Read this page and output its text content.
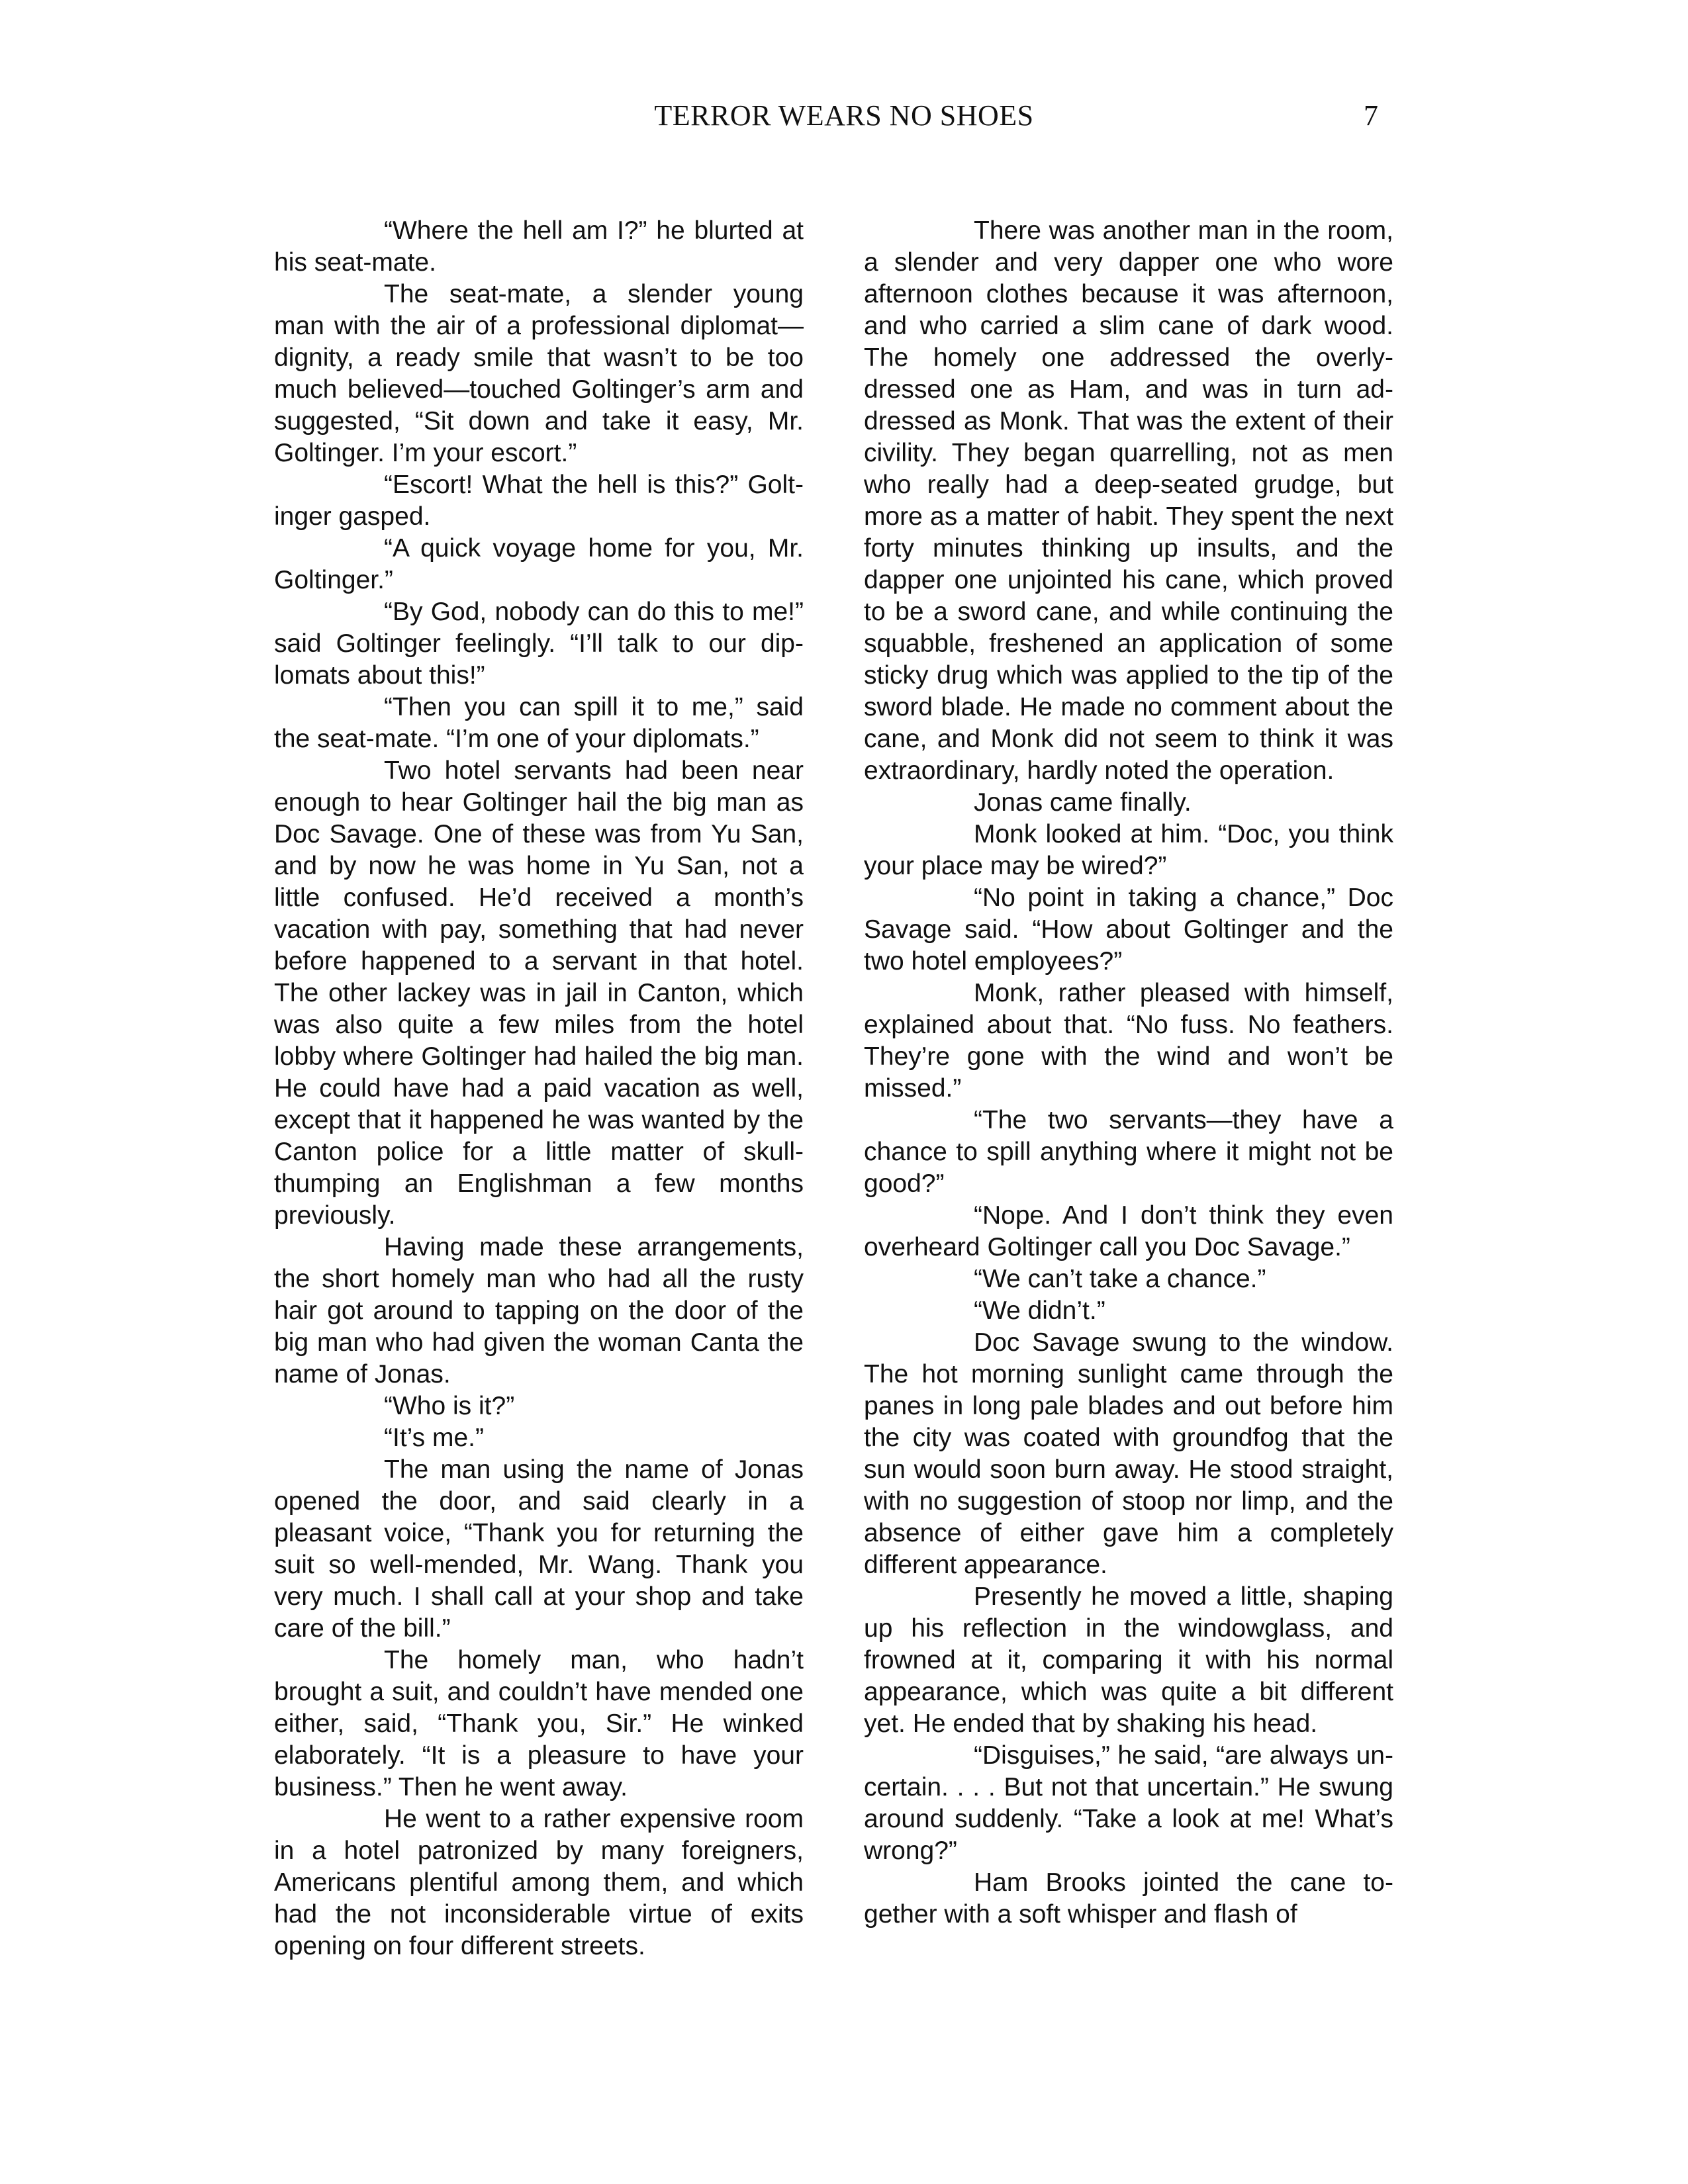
TERROR WEARS NO SHOES	7

“Where the hell am I?” he blurted at his seat-mate.

The seat-mate, a slender young man with the air of a professional diplomat—dignity, a ready smile that wasn’t to be too much believed—touched Goltinger’s arm and suggested, “Sit down and take it easy, Mr. Goltinger. I’m your escort.”

“Escort! What the hell is this?” Goltinger gasped.

“A quick voyage home for you, Mr. Goltinger.”

“By God, nobody can do this to me!” said Goltinger feelingly. “I’ll talk to our diplomats about this!”

“Then you can spill it to me,” said the seat-mate. “I’m one of your diplomats.”

Two hotel servants had been near enough to hear Goltinger hail the big man as Doc Savage. One of these was from Yu San, and by now he was home in Yu San, not a little confused. He’d received a month’s vacation with pay, something that had never before happened to a servant in that hotel. The other lackey was in jail in Canton, which was also quite a few miles from the hotel lobby where Goltinger had hailed the big man. He could have had a paid vacation as well, except that it happened he was wanted by the Canton police for a little matter of skull-thumping an Englishman a few months previously.

Having made these arrangements, the short homely man who had all the rusty hair got around to tapping on the door of the big man who had given the woman Canta the name of Jonas.

“Who is it?”

“It’s me.”

The man using the name of Jonas opened the door, and said clearly in a pleasant voice, “Thank you for returning the suit so well-mended, Mr. Wang. Thank you very much. I shall call at your shop and take care of the bill.”

The homely man, who hadn’t brought a suit, and couldn’t have mended one either, said, “Thank you, Sir.” He winked elaborately. “It is a pleasure to have your business.” Then he went away.

He went to a rather expensive room in a hotel patronized by many foreigners, Americans plentiful among them, and which had the not inconsiderable virtue of exits opening on four different streets.

There was another man in the room, a slender and very dapper one who wore afternoon clothes because it was afternoon, and who carried a slim cane of dark wood. The homely one addressed the overly-dressed one as Ham, and was in turn addressed as Monk. That was the extent of their civility. They began quarrelling, not as men who really had a deep-seated grudge, but more as a matter of habit. They spent the next forty minutes thinking up insults, and the dapper one unjointed his cane, which proved to be a sword cane, and while continuing the squabble, freshened an application of some sticky drug which was applied to the tip of the sword blade. He made no comment about the cane, and Monk did not seem to think it was extraordinary, hardly noted the operation.

Jonas came finally.

Monk looked at him. “Doc, you think your place may be wired?”

“No point in taking a chance,” Doc Savage said. “How about Goltinger and the two hotel employees?”

Monk, rather pleased with himself, explained about that. “No fuss. No feathers. They’re gone with the wind and won’t be missed.”

“The two servants—they have a chance to spill anything where it might not be good?”

“Nope. And I don’t think they even overheard Goltinger call you Doc Savage.”

“We can’t take a chance.”

“We didn’t.”

Doc Savage swung to the window. The hot morning sunlight came through the panes in long pale blades and out before him the city was coated with groundfog that the sun would soon burn away. He stood straight, with no suggestion of stoop nor limp, and the absence of either gave him a completely different appearance.

Presently he moved a little, shaping up his reflection in the windowglass, and frowned at it, comparing it with his normal appearance, which was quite a bit different yet. He ended that by shaking his head.

“Disguises,” he said, “are always uncertain. . . . But not that uncertain.” He swung around suddenly. “Take a look at me! What’s wrong?”

Ham Brooks jointed the cane together with a soft whisper and flash of
